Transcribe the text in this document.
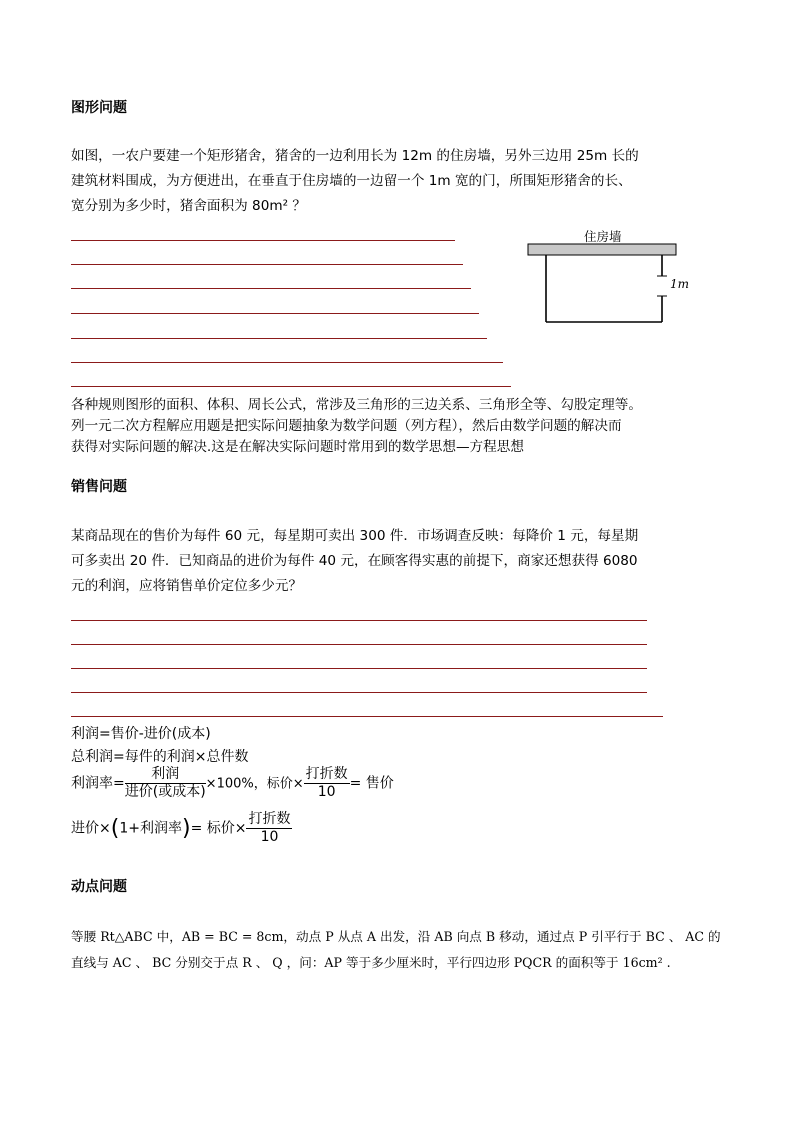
图形问题
如图，一农户要建一个矩形猪舍，猪舍的一边利用长为 12m 的住房墙，另外三边用 25m 长的
建筑材料围成，为方便进出，在垂直于住房墙的一边留一个 1m 宽的门，所围矩形猪舍的长、
宽分别为多少时，猪舍面积为 80m² ？
住房墙
1m
各种规则图形的面积、体积、周长公式，常涉及三角形的三边关系、三角形全等、勾股定理等。
列一元二次方程解应用题是把实际问题抽象为数学问题（列方程），然后由数学问题的解决而
获得对实际问题的解决.这是在解决实际问题时常用到的数学思想—方程思想
销售问题
某商品现在的售价为每件 60 元，每星期可卖出 300 件．市场调查反映：每降价 1 元，每星期
可多卖出 20 件．已知商品的进价为每件 40 元，在顾客得实惠的前提下，商家还想获得 6080
元的利润，应将销售单价定位多少元？
利润=售价-进价(成本)
总利润=每件的利润×总件数
利润率= $\frac{\text{利润}}{\text{进价(或成本)}} \times 100\%$，标价× $\frac{\text{打折数}}{10}$ = 售价
进价×(1+利润率)= 标价× $\frac{\text{打折数}}{10}$
动点问题
等腰 Rt△ABC 中，AB = BC = 8cm，动点 P 从点 A 出发，沿 AB 向点 B 移动，通过点 P 引平行于 BC 、 AC 的
直线与 AC 、 BC 分别交于点 R 、 Q ，问：AP 等于多少厘米时，平行四边形 PQCR 的面积等于 16cm² .
